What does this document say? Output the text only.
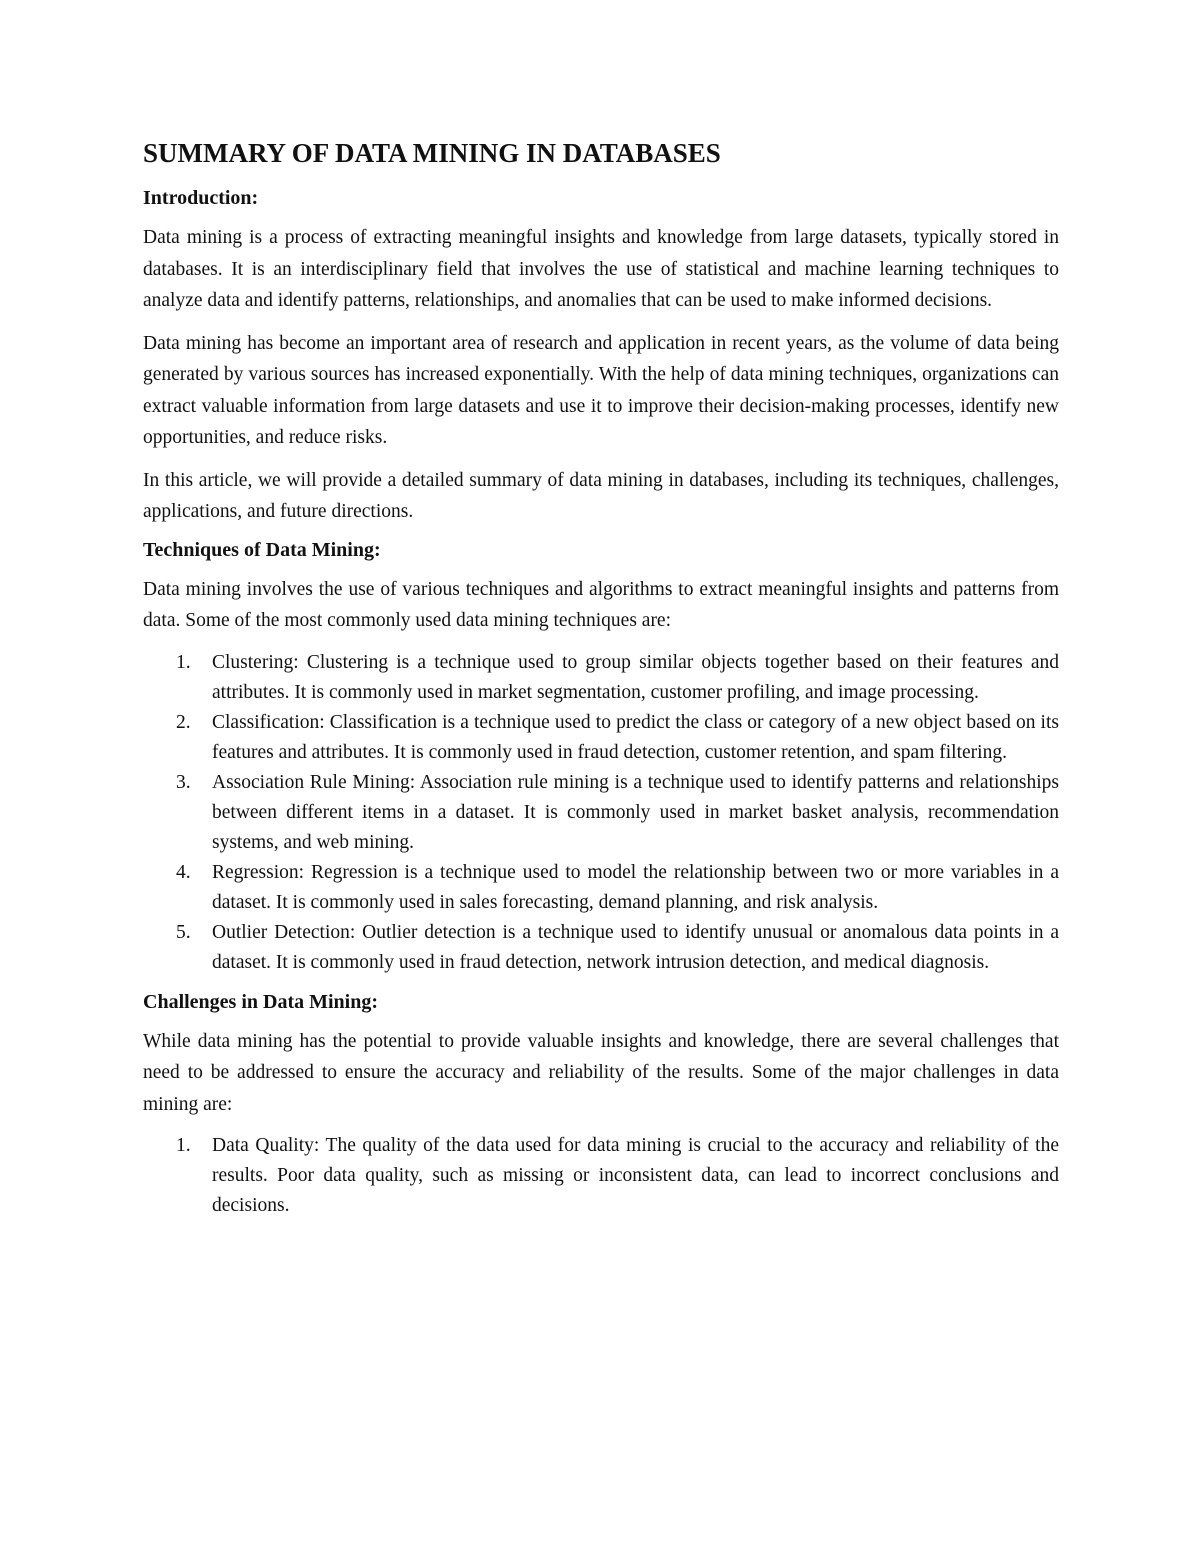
SUMMARY OF DATA MINING IN DATABASES
Introduction:

Data mining is a process of extracting meaningful insights and knowledge from large datasets, typically stored in databases. It is an interdisciplinary field that involves the use of statistical and machine learning techniques to analyze data and identify patterns, relationships, and anomalies that can be used to make informed decisions.

Data mining has become an important area of research and application in recent years, as the volume of data being generated by various sources has increased exponentially. With the help of data mining techniques, organizations can extract valuable information from large datasets and use it to improve their decision-making processes, identify new opportunities, and reduce risks.

In this article, we will provide a detailed summary of data mining in databases, including its techniques, challenges, applications, and future directions.

Techniques of Data Mining:

Data mining involves the use of various techniques and algorithms to extract meaningful insights and patterns from data. Some of the most commonly used data mining techniques are:

1. Clustering: Clustering is a technique used to group similar objects together based on their features and attributes. It is commonly used in market segmentation, customer profiling, and image processing.
2. Classification: Classification is a technique used to predict the class or category of a new object based on its features and attributes. It is commonly used in fraud detection, customer retention, and spam filtering.
3. Association Rule Mining: Association rule mining is a technique used to identify patterns and relationships between different items in a dataset. It is commonly used in market basket analysis, recommendation systems, and web mining.
4. Regression: Regression is a technique used to model the relationship between two or more variables in a dataset. It is commonly used in sales forecasting, demand planning, and risk analysis.
5. Outlier Detection: Outlier detection is a technique used to identify unusual or anomalous data points in a dataset. It is commonly used in fraud detection, network intrusion detection, and medical diagnosis.
Challenges in Data Mining:

While data mining has the potential to provide valuable insights and knowledge, there are several challenges that need to be addressed to ensure the accuracy and reliability of the results. Some of the major challenges in data mining are:

1. Data Quality: The quality of the data used for data mining is crucial to the accuracy and reliability of the results. Poor data quality, such as missing or inconsistent data, can lead to incorrect conclusions and decisions.
